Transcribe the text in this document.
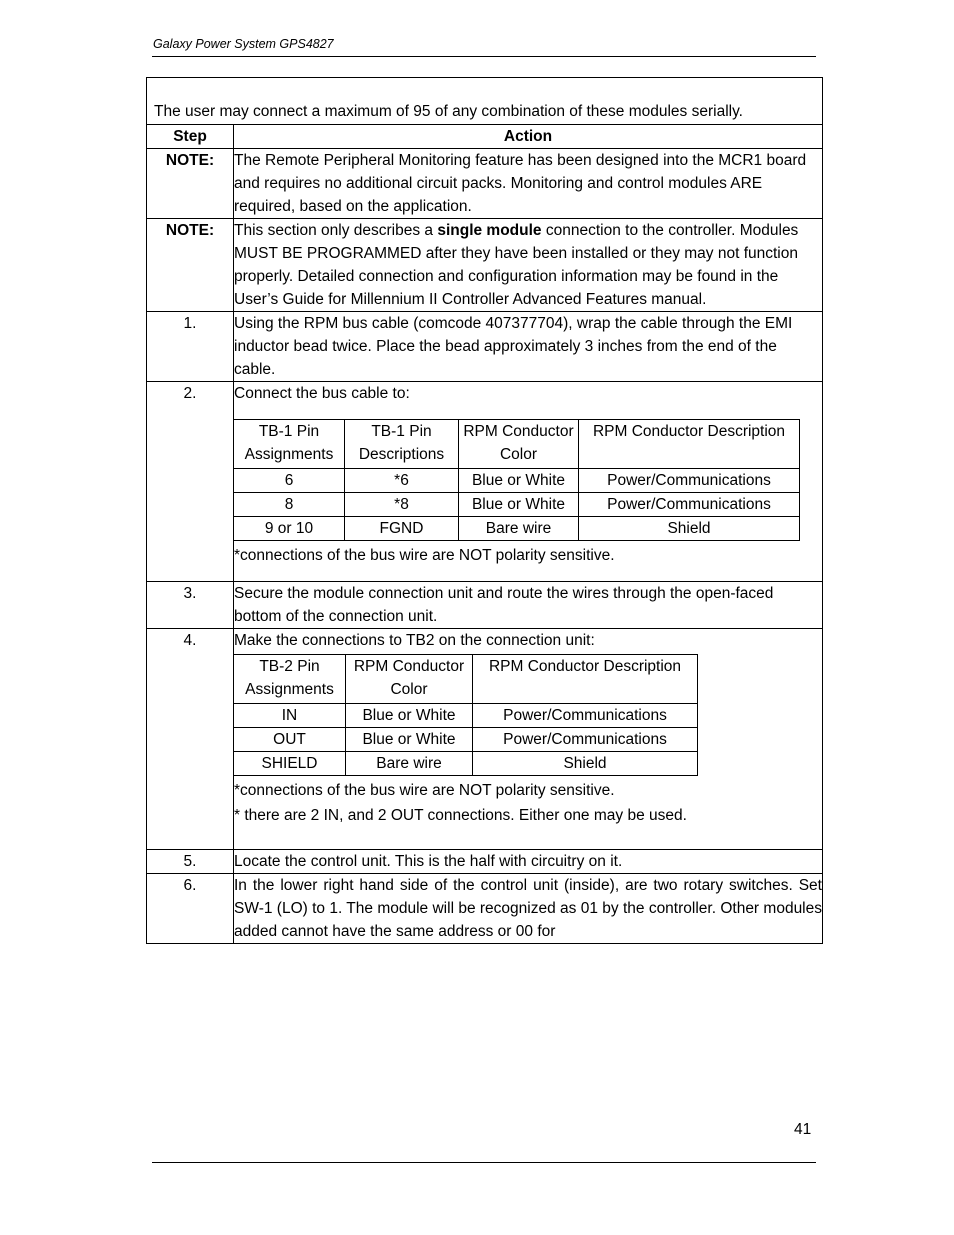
Galaxy Power System GPS4827
The user may connect a maximum of 95 of any combination of these modules serially.
Step	Action
NOTE:	The Remote Peripheral Monitoring feature has been designed into the MCR1 board and requires no additional circuit packs. Monitoring and control modules ARE required, based on the application.
NOTE:	This section only describes a single module connection to the controller. Modules MUST BE PROGRAMMED after they have been installed or they may not function properly. Detailed connection and configuration information may be found in the User’s Guide for Millennium II Controller Advanced Features manual.
1.	Using the RPM bus cable (comcode 407377704), wrap the cable through the EMI inductor bead twice. Place the bead approximately 3 inches from the end of the cable.
2.	Connect the bus cable to:
TB-1 Pin Assignments	TB-1 Pin Descriptions	RPM Conductor Color	RPM Conductor Description
6	*6	Blue or White	Power/Communications
8	*8	Blue or White	Power/Communications
9 or 10	FGND	Bare wire	Shield
*connections of the bus wire are NOT polarity sensitive.

3.	Secure the module connection unit and route the wires through the open-faced bottom of the connection unit.
4.	Make the connections to TB2 on the connection unit:
TB-2 Pin Assignments	RPM Conductor Color	RPM Conductor Description
IN	Blue or White	Power/Communications
OUT	Blue or White	Power/Communications
SHIELD	Bare wire	Shield
*connections of the bus wire are NOT polarity sensitive.
* there are 2 IN, and 2 OUT connections. Either one may be used.

5.	Locate the control unit. This is the half with circuitry on it.
6.	In the lower right hand side of the control unit (inside), are two rotary switches. Set SW-1 (LO) to 1. The module will be recognized as 01 by the controller. Other modules added cannot have the same address or 00 for
41
